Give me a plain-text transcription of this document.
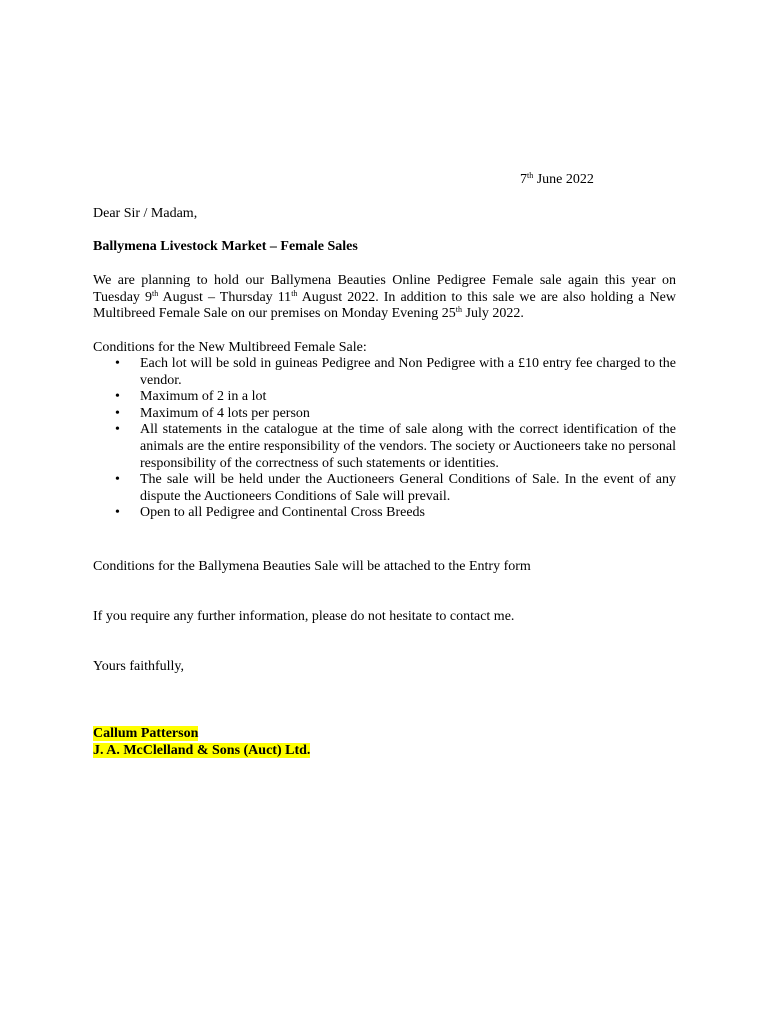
7th June 2022
Dear Sir / Madam,
Ballymena Livestock Market – Female Sales
We are planning to hold our Ballymena Beauties Online Pedigree Female sale again this year on Tuesday 9th August – Thursday 11th August 2022. In addition to this sale we are also holding a New Multibreed Female Sale on our premises on Monday Evening 25th July 2022.
Conditions for the New Multibreed Female Sale:
• Each lot will be sold in guineas Pedigree and Non Pedigree with a £10 entry fee charged to the vendor.
• Maximum of 2 in a lot
• Maximum of 4 lots per person
• All statements in the catalogue at the time of sale along with the correct identification of the animals are the entire responsibility of the vendors. The society or Auctioneers take no personal responsibility of the correctness of such statements or identities.
• The sale will be held under the Auctioneers General Conditions of Sale. In the event of any dispute the Auctioneers Conditions of Sale will prevail.
• Open to all Pedigree and Continental Cross Breeds
Conditions for the Ballymena Beauties Sale will be attached to the Entry form
If you require any further information, please do not hesitate to contact me.
Yours faithfully,
Callum Patterson
J. A. McClelland & Sons (Auct) Ltd.
